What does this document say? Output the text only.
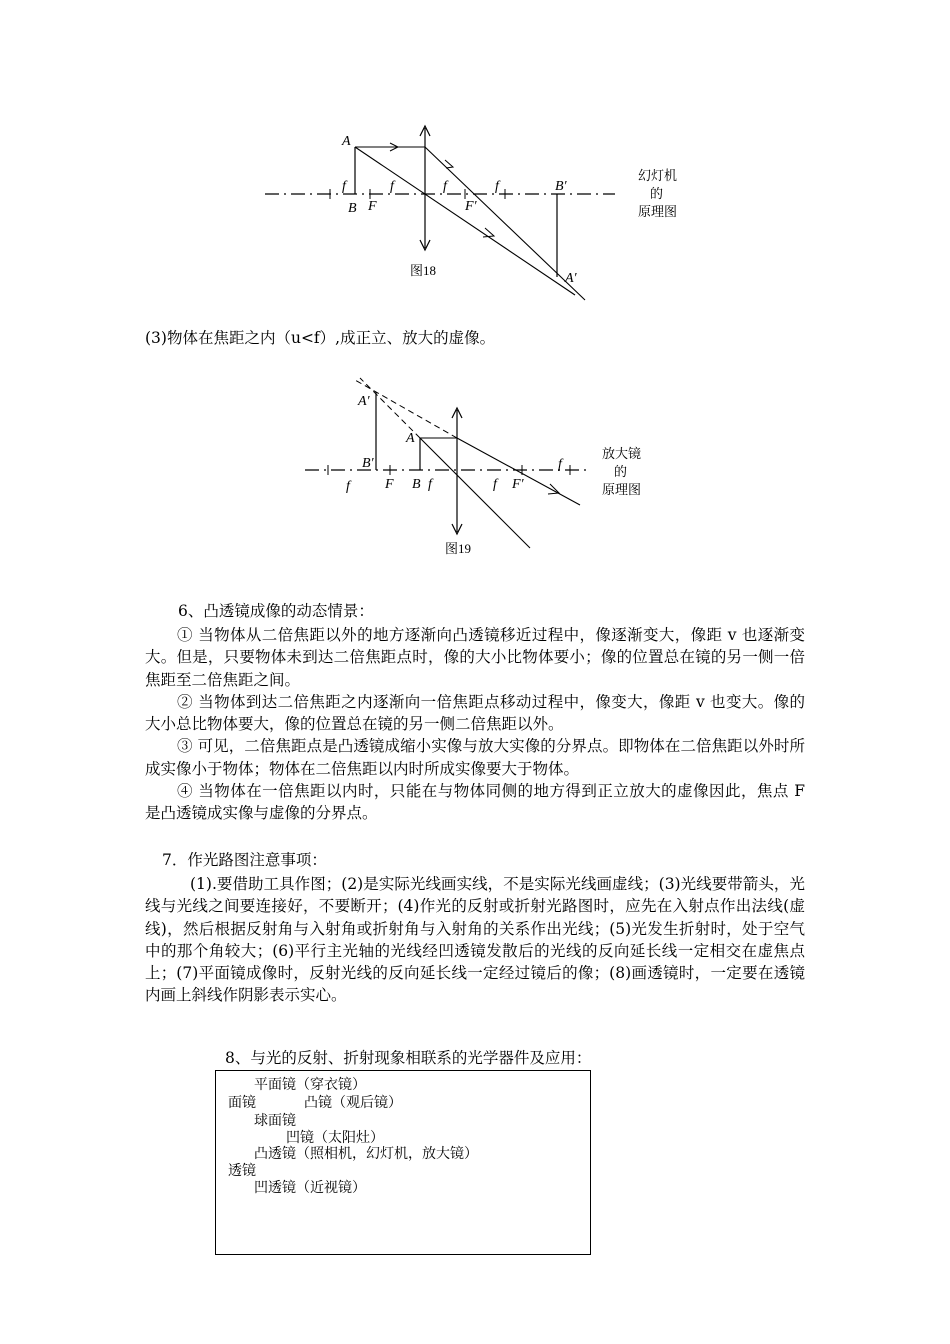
A
B F
f	f	f	f
F′
B′
A′
图18
幻灯机
的
原理图
(3)物体在焦距之内（u<f）,成正立、放大的虚像。
A′
A
B′
F B
f	f	f
f
F′
图19
放大镜
的
原理图
6、凸透镜成像的动态情景：

① 当物体从二倍焦距以外的地方逐渐向凸透镜移近过程中，像逐渐变大，像距 v 也逐渐变大。但是，只要物体未到达二倍焦距点时，像的大小比物体要小；像的位置总在镜的另一侧一倍焦距至二倍焦距之间。

② 当物体到达二倍焦距之内逐渐向一倍焦距点移动过程中，像变大，像距 v 也变大。像的大小总比物体要大，像的位置总在镜的另一侧二倍焦距以外。

③ 可见，二倍焦距点是凸透镜成缩小实像与放大实像的分界点。即物体在二倍焦距以外时所成实像小于物体；物体在二倍焦距以内时所成实像要大于物体。

④ 当物体在一倍焦距以内时，只能在与物体同侧的地方得到正立放大的虚像因此，焦点 F 是凸透镜成实像与虚像的分界点。

7．作光路图注意事项：
(1).要借助工具作图；(2)是实际光线画实线，不是实际光线画虚线；(3)光线要带箭头，光线与光线之间要连接好，不要断开；(4)作光的反射或折射光路图时，应先在入射点作出法线(虚线)，然后根据反射角与入射角或折射角与入射角的关系作出光线；(5)光发生折射时，处于空气中的那个角较大；(6)平行主光轴的光线经凹透镜发散后的光线的反向延长线一定相交在虚焦点上；(7)平面镜成像时，反射光线的反向延长线一定经过镜后的像；(8)画透镜时，一定要在透镜内画上斜线作阴影表示实心。
8、与光的反射、折射现象相联系的光学器件及应用：
平面镜（穿衣镜）
面镜	凸镜（观后镜）
球面镜
凹镜（太阳灶）
凸透镜（照相机，幻灯机，放大镜）
透镜
凹透镜（近视镜）
